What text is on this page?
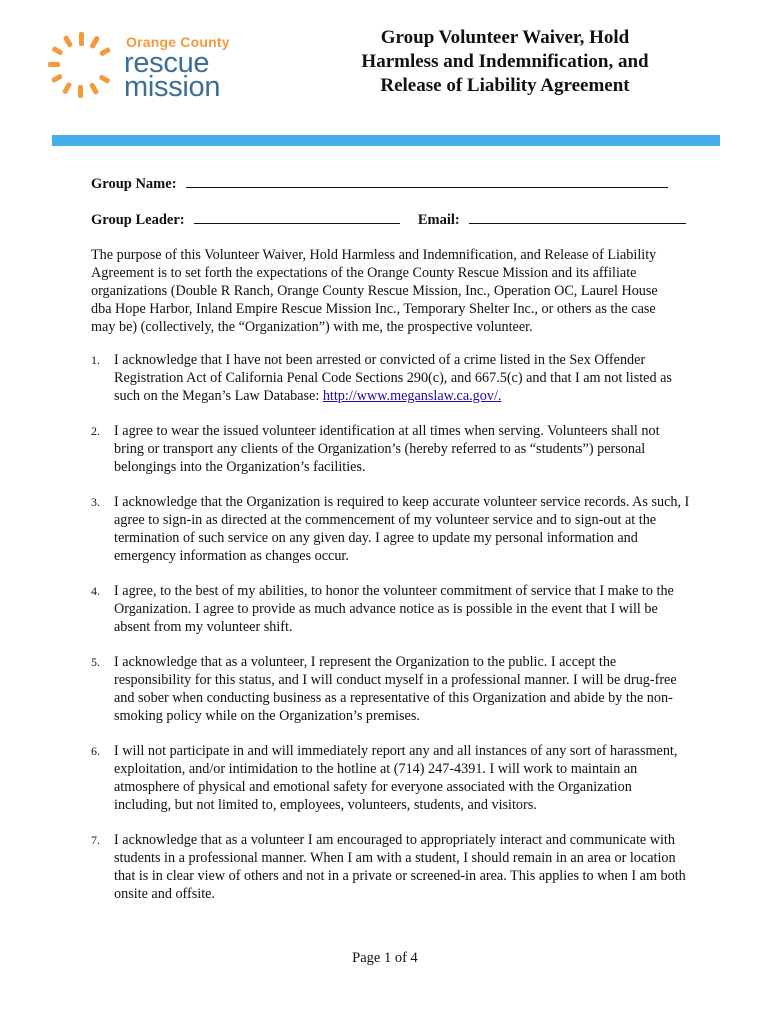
Orange County
rescue
mission
Group Volunteer Waiver, Hold
Harmless and Indemnification, and
Release of Liability Agreement
Group Name:
Group Leader:	Email:
The purpose of this Volunteer Waiver, Hold Harmless and Indemnification, and Release of Liability Agreement is to set forth the expectations of the Orange County Rescue Mission and its affiliate organizations (Double R Ranch, Orange County Rescue Mission, Inc., Operation OC, Laurel House dba Hope Harbor, Inland Empire Rescue Mission Inc., Temporary Shelter Inc., or others as the case may be) (collectively, the “Organization”) with me, the prospective volunteer.
1. I acknowledge that I have not been arrested or convicted of a crime listed in the Sex Offender Registration Act of California Penal Code Sections 290(c), and 667.5(c) and that I am not listed as such on the Megan’s Law Database: http://www.meganslaw.ca.gov/.
2. I agree to wear the issued volunteer identification at all times when serving. Volunteers shall not bring or transport any clients of the Organization’s (hereby referred to as “students”) personal belongings into the Organization’s facilities.
3. I acknowledge that the Organization is required to keep accurate volunteer service records. As such, I agree to sign-in as directed at the commencement of my volunteer service and to sign-out at the termination of such service on any given day. I agree to update my personal information and emergency information as changes occur.
4. I agree, to the best of my abilities, to honor the volunteer commitment of service that I make to the Organization. I agree to provide as much advance notice as is possible in the event that I will be absent from my volunteer shift.
5. I acknowledge that as a volunteer, I represent the Organization to the public. I accept the responsibility for this status, and I will conduct myself in a professional manner. I will be drug-free and sober when conducting business as a representative of this Organization and abide by the non-smoking policy while on the Organization’s premises.
6. I will not participate in and will immediately report any and all instances of any sort of harassment, exploitation, and/or intimidation to the hotline at (714) 247-4391. I will work to maintain an atmosphere of physical and emotional safety for everyone associated with the Organization including, but not limited to, employees, volunteers, students, and visitors.
7. I acknowledge that as a volunteer I am encouraged to appropriately interact and communicate with students in a professional manner. When I am with a student, I should remain in an area or location that is in clear view of others and not in a private or screened-in area. This applies to when I am both onsite and offsite.
Page 1 of 4
